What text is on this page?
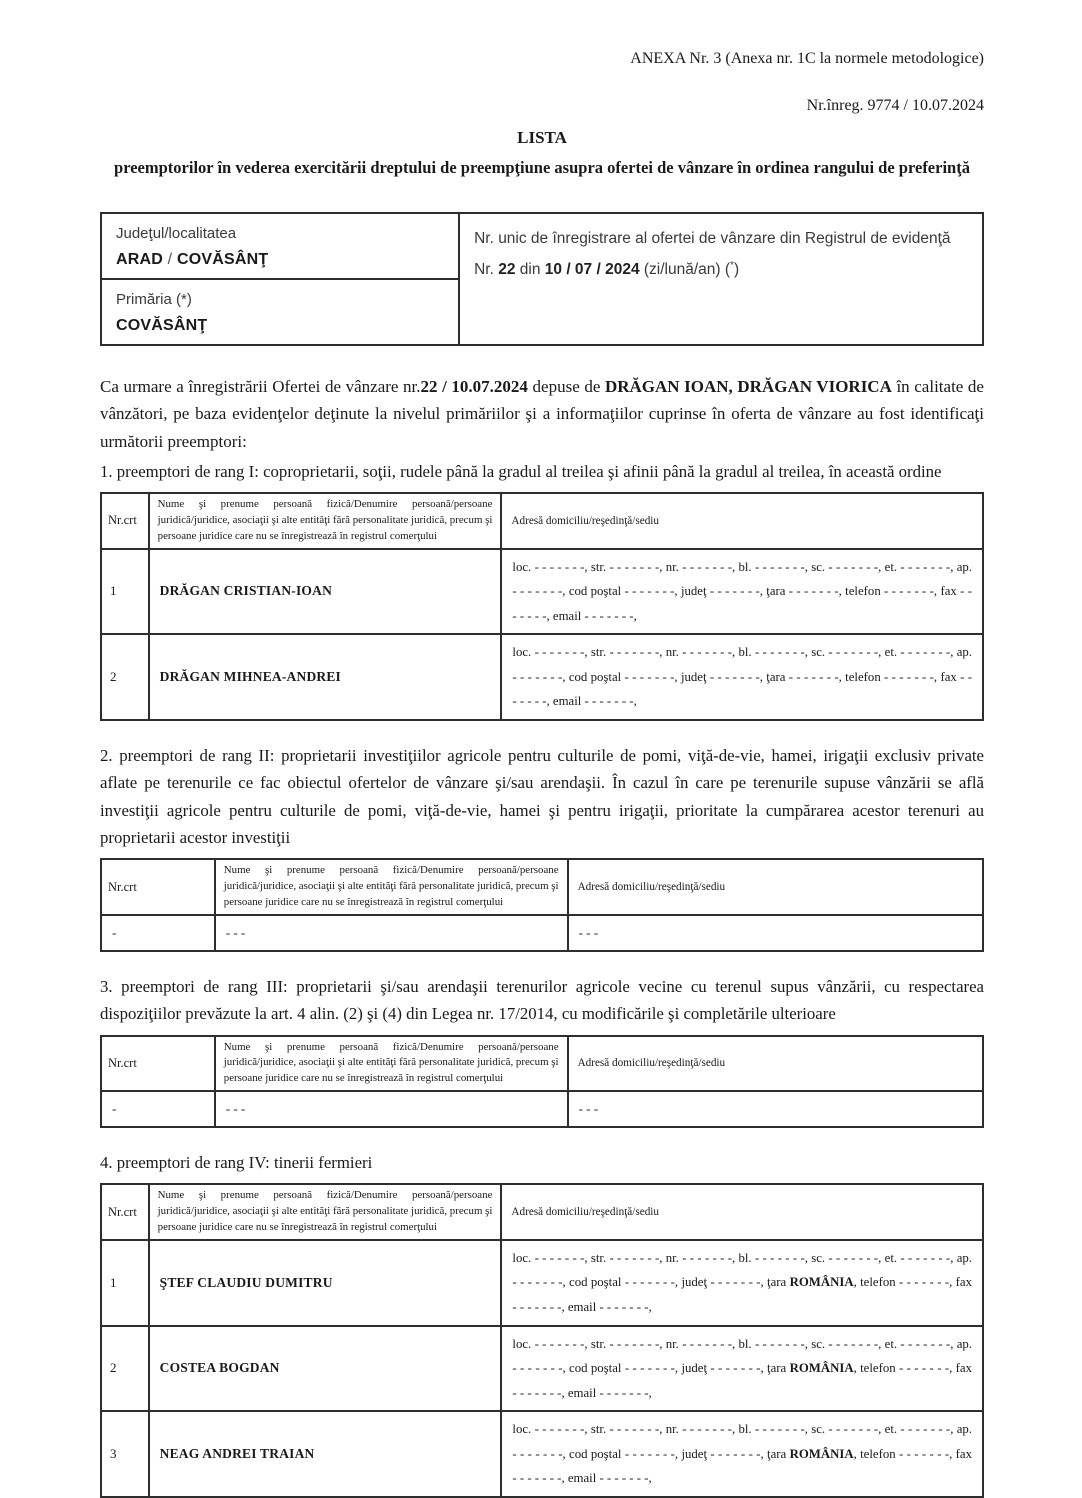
ANEXA Nr. 3 (Anexa nr. 1C la normele metodologice)
Nr.înreg. 9774 / 10.07.2024
LISTA
preemptorilor în vederea exercitării dreptului de preempţiune asupra ofertei de vânzare în ordinea rangului de preferinţă
Judeţul/localitatea
ARAD / COVĂSÂNŢ

Nr. unic de înregistrare al ofertei de vânzare din Registrul de evidenţă
Nr. 22 din 10 / 07 / 2024 (zi/lună/an) (*)

Primăria (*)
COVĂSÂNŢ
Ca urmare a înregistrării Ofertei de vânzare nr.22 / 10.07.2024 depuse de DRĂGAN IOAN, DRĂGAN VIORICA în calitate de vânzători, pe baza evidenţelor deţinute la nivelul primăriilor şi a informaţiilor cuprinse în oferta de vânzare au fost identificaţi următorii preemptori:
1. preemptori de rang I: coproprietarii, soţii, rudele până la gradul al treilea şi afinii până la gradul al treilea, în această ordine
Nr.crt	Nume şi prenume persoană fizică/Denumire persoană/persoane juridică/juridice, asociaţii şi alte entităţi fără personalitate juridică, precum şi persoane juridice care nu se înregistrează în registrul comerţului	Adresă domiciliu/reşedinţă/sediu
1	DRĂGAN CRISTIAN-IOAN	loc. - - - - - - -, str. - - - - - - -, nr. - - - - - - -, bl. - - - - - - -, sc. - - - - - - -, et. - - - - - - -, ap. - - - - - - -, cod poştal - - - - - - -, judeţ - - - - - - -, ţara - - - - - - -, telefon - - - - - - -, fax - - - - - - -, email - - - - - - -,
2	DRĂGAN MIHNEA-ANDREI	loc. - - - - - - -, str. - - - - - - -, nr. - - - - - - -, bl. - - - - - - -, sc. - - - - - - -, et. - - - - - - -, ap. - - - - - - -, cod poştal - - - - - - -, judeţ - - - - - - -, ţara - - - - - - -, telefon - - - - - - -, fax - - - - - - -, email - - - - - - -,
2. preemptori de rang II: proprietarii investiţiilor agricole pentru culturile de pomi, viţă-de-vie, hamei, irigaţii exclusiv private aflate pe terenurile ce fac obiectul ofertelor de vânzare şi/sau arendaşii. În cazul în care pe terenurile supuse vânzării se află investiţii agricole pentru culturile de pomi, viţă-de-vie, hamei şi pentru irigaţii, prioritate la cumpărarea acestor terenuri au proprietarii acestor investiţii
Nr.crt	Nume şi prenume persoană fizică/Denumire persoană/persoane juridică/juridice, asociaţii şi alte entităţi fără personalitate juridică, precum şi persoane juridice care nu se înregistrează în registrul comerţului	Adresă domiciliu/reşedinţă/sediu
-	- - -	- - -
3. preemptori de rang III: proprietarii şi/sau arendaşii terenurilor agricole vecine cu terenul supus vânzării, cu respectarea dispoziţiilor prevăzute la art. 4 alin. (2) şi (4) din Legea nr. 17/2014, cu modificările şi completările ulterioare
Nr.crt	Nume şi prenume persoană fizică/Denumire persoană/persoane juridică/juridice, asociaţii şi alte entităţi fără personalitate juridică, precum şi persoane juridice care nu se înregistrează în registrul comerţului	Adresă domiciliu/reşedinţă/sediu
-	- - -	- - -
4. preemptori de rang IV: tinerii fermieri
Nr.crt	Nume şi prenume persoană fizică/Denumire persoană/persoane juridică/juridice, asociaţii şi alte entităţi fără personalitate juridică, precum şi persoane juridice care nu se înregistrează în registrul comerţului	Adresă domiciliu/reşedinţă/sediu
1	ŞTEF CLAUDIU DUMITRU	loc. - - - - - - -, str. - - - - - - -, nr. - - - - - - -, bl. - - - - - - -, sc. - - - - - - -, et. - - - - - - -, ap. - - - - - - -, cod poştal - - - - - - -, judeţ - - - - - - -, ţara ROMÂNIA, telefon - - - - - - -, fax - - - - - - -, email - - - - - - -,
2	COSTEA BOGDAN	loc. - - - - - - -, str. - - - - - - -, nr. - - - - - - -, bl. - - - - - - -, sc. - - - - - - -, et. - - - - - - -, ap. - - - - - - -, cod poştal - - - - - - -, judeţ - - - - - - -, ţara ROMÂNIA, telefon - - - - - - -, fax - - - - - - -, email - - - - - - -,
3	NEAG ANDREI TRAIAN	loc. - - - - - - -, str. - - - - - - -, nr. - - - - - - -, bl. - - - - - - -, sc. - - - - - - -, et. - - - - - - -, ap. - - - - - - -, cod poştal - - - - - - -, judeţ - - - - - - -, ţara ROMÂNIA, telefon - - - - - - -, fax - - - - - - -, email - - - - - - -,
